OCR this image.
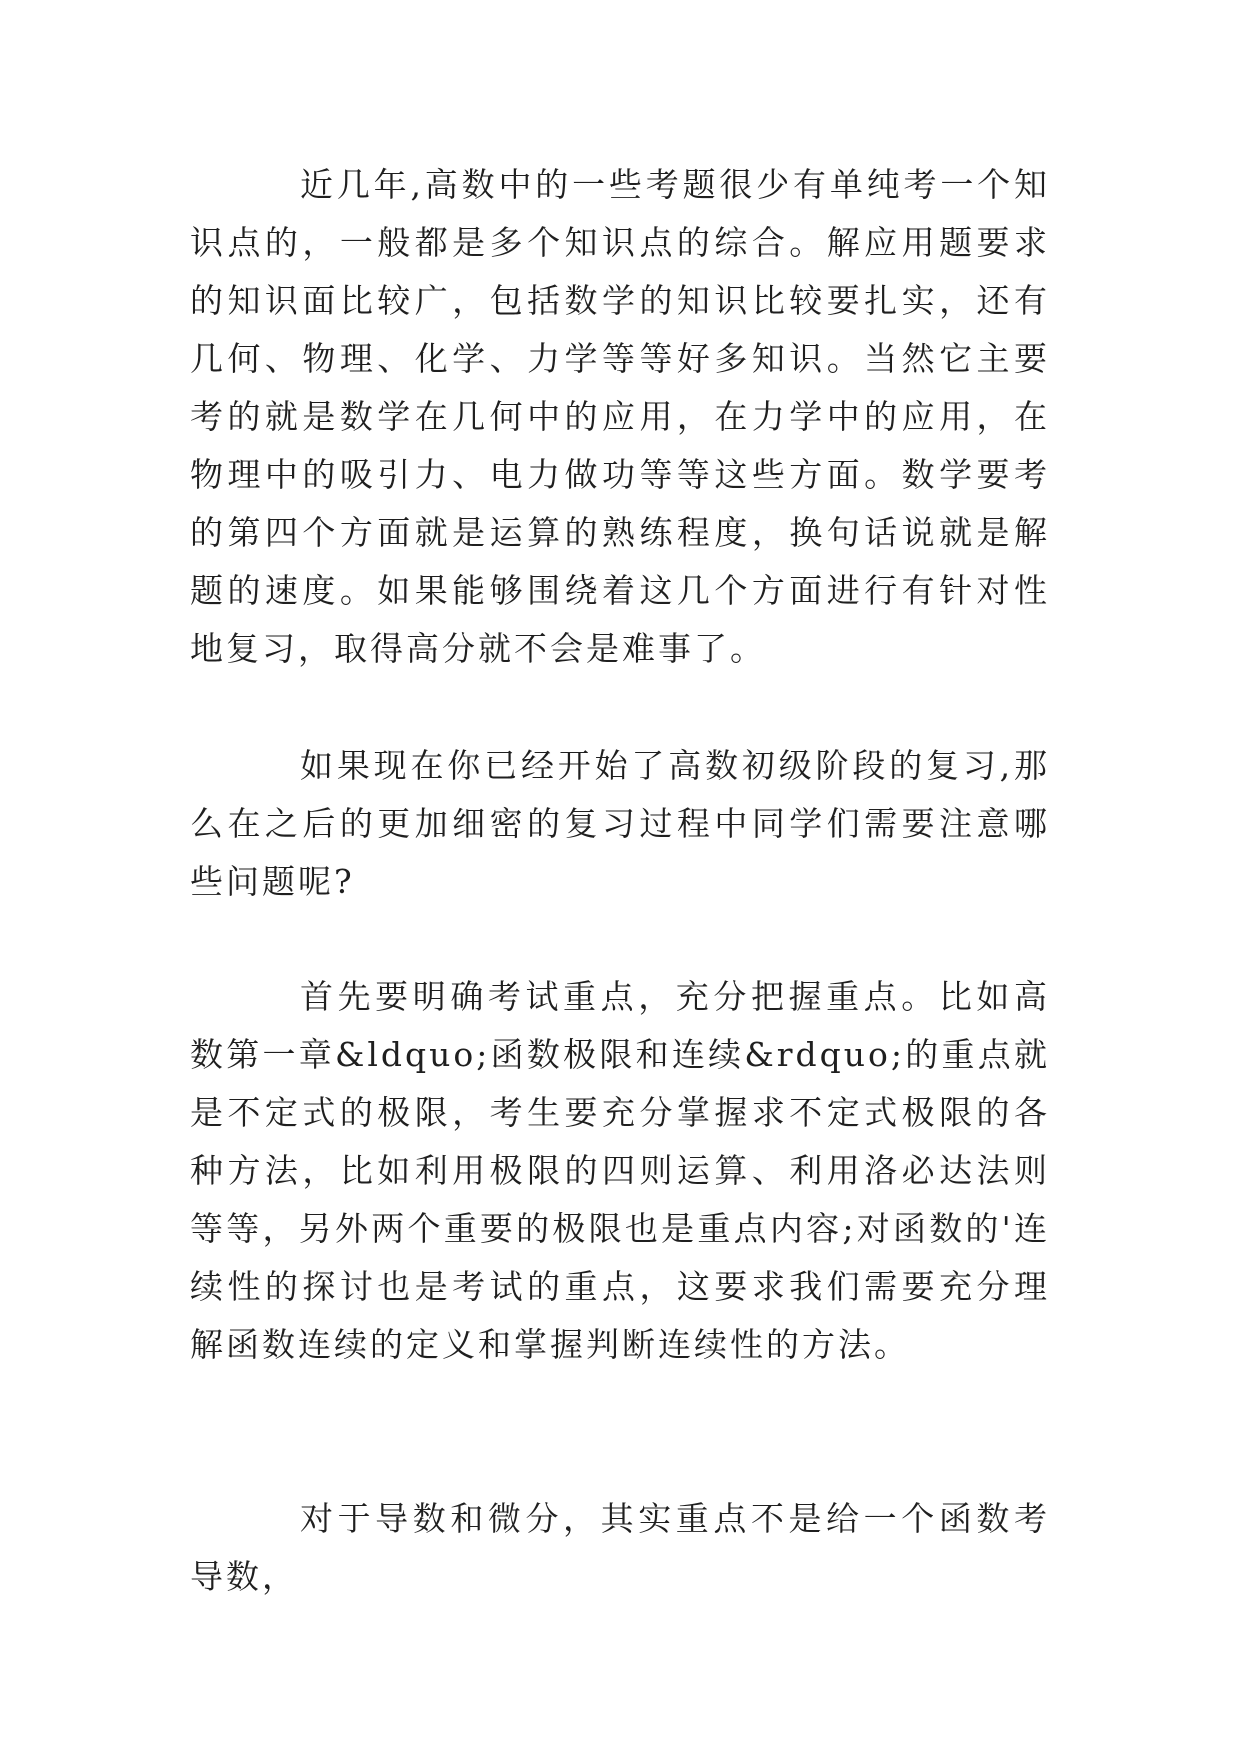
近几年,高数中的一些考题很少有单纯考一个知识点的，一般都是多个知识点的综合。解应用题要求的知识面比较广，包括数学的知识比较要扎实，还有几何、物理、化学、力学等等好多知识。当然它主要考的就是数学在几何中的应用，在力学中的应用，在物理中的吸引力、电力做功等等这些方面。数学要考的第四个方面就是运算的熟练程度，换句话说就是解题的速度。如果能够围绕着这几个方面进行有针对性地复习，取得高分就不会是难事了。

如果现在你已经开始了高数初级阶段的复习,那么在之后的更加细密的复习过程中同学们需要注意哪些问题呢?

首先要明确考试重点，充分把握重点。比如高数第一章&ldquo;函数极限和连续&rdquo;的重点就是不定式的极限，考生要充分掌握求不定式极限的各种方法，比如利用极限的四则运算、利用洛必达法则等等，另外两个重要的极限也是重点内容;对函数的'连续性的探讨也是考试的重点，这要求我们需要充分理解函数连续的定义和掌握判断连续性的方法。

对于导数和微分，其实重点不是给一个函数考导数，
